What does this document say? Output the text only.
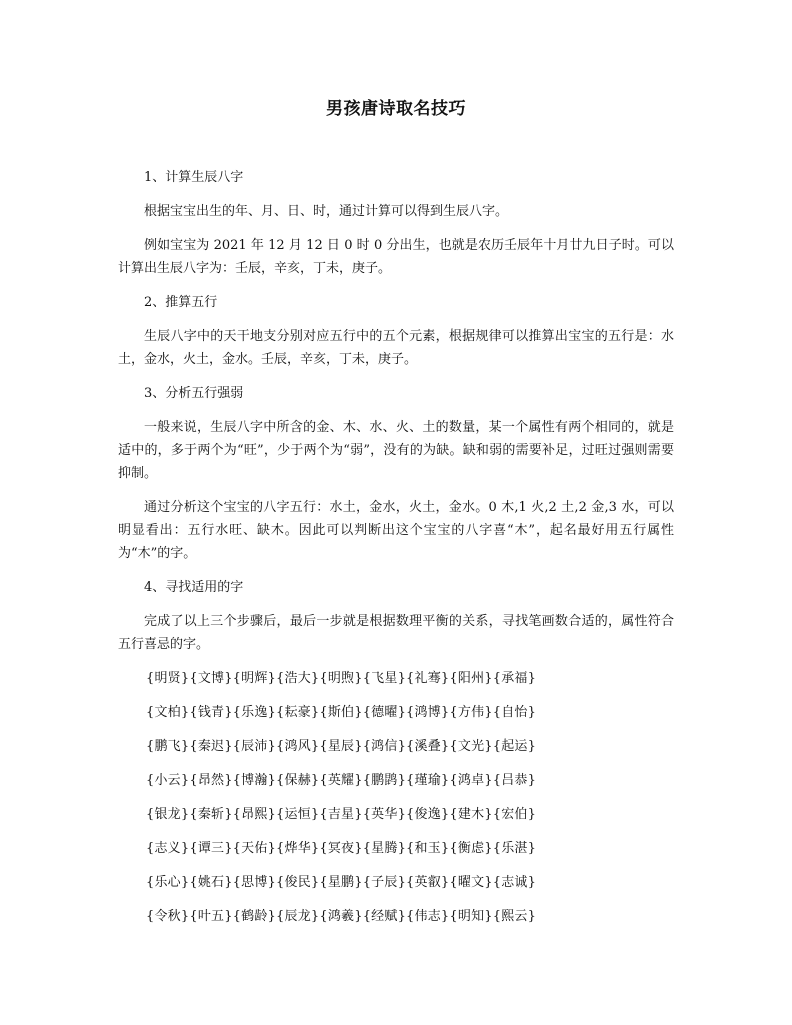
男孩唐诗取名技巧

1、计算生辰八字

根据宝宝出生的年、月、日、时，通过计算可以得到生辰八字。

例如宝宝为 2021 年 12 月 12 日 0 时 0 分出生，也就是农历壬辰年十月廿九日子时。可以计算出生辰八字为：壬辰，辛亥，丁未，庚子。

2、推算五行

生辰八字中的天干地支分别对应五行中的五个元素，根据规律可以推算出宝宝的五行是：水土，金水，火土，金水。壬辰，辛亥，丁未，庚子。

3、分析五行强弱

一般来说，生辰八字中所含的金、木、水、火、土的数量，某一个属性有两个相同的，就是适中的，多于两个为“旺”，少于两个为“弱”，没有的为缺。缺和弱的需要补足，过旺过强则需要抑制。

通过分析这个宝宝的八字五行：水土，金水，火土，金水。0 木,1 火,2 土,2 金,3 水，可以明显看出：五行水旺、缺木。因此可以判断出这个宝宝的八字喜“木”，起名最好用五行属性为“木”的字。

4、寻找适用的字

完成了以上三个步骤后，最后一步就是根据数理平衡的关系，寻找笔画数合适的，属性符合五行喜忌的字。

{明贤}{文博}{明辉}{浩大}{明煦}{飞星}{礼骞}{阳州}{承福}
{文柏}{钱青}{乐逸}{耘豪}{斯伯}{德曜}{鸿博}{方伟}{自怡}
{鹏飞}{秦迟}{辰沛}{鸿风}{星辰}{鸿信}{溪叠}{文光}{起运}
{小云}{昂然}{博瀚}{保赫}{英耀}{鹏鹍}{瑾瑜}{鸿卓}{吕恭}
{银龙}{秦斩}{昂熙}{运恒}{吉星}{英华}{俊逸}{建木}{宏伯}
{志义}{谭三}{天佑}{烨华}{冥夜}{星腾}{和玉}{衡虑}{乐湛}
{乐心}{姚石}{思博}{俊民}{星鹏}{子辰}{英叡}{曜文}{志诚}
{令秋}{叶五}{鹤龄}{辰龙}{鸿羲}{经赋}{伟志}{明知}{熙云}
